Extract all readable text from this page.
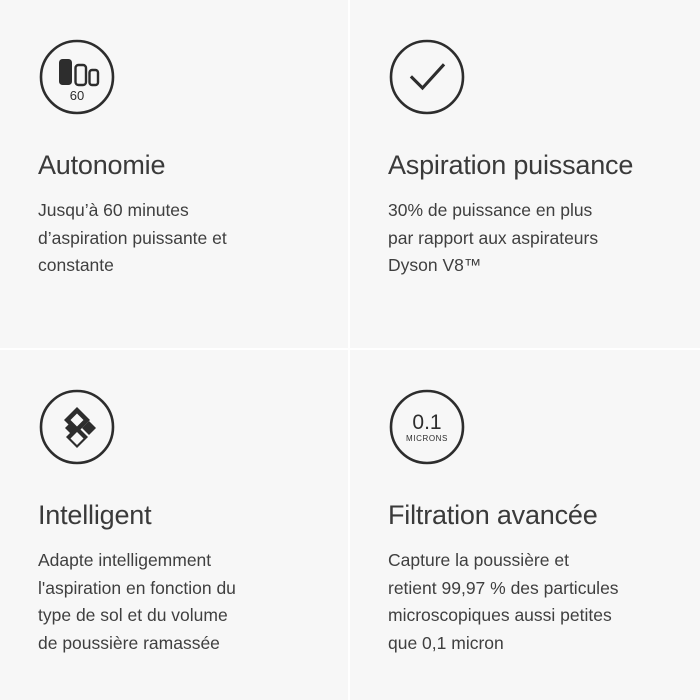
60
Autonomie
Jusqu’à 60 minutes
d’aspiration puissante et
constante
Aspiration puissance
30% de puissance en plus
par rapport aux aspirateurs
Dyson V8™
Intelligent
Adapte intelligemment
l'aspiration en fonction du
type de sol et du volume
de poussière ramassée
0.1
MICRONS
Filtration avancée
Capture la poussière et
retient 99,97 % des particules
microscopiques aussi petites
que 0,1 micron
